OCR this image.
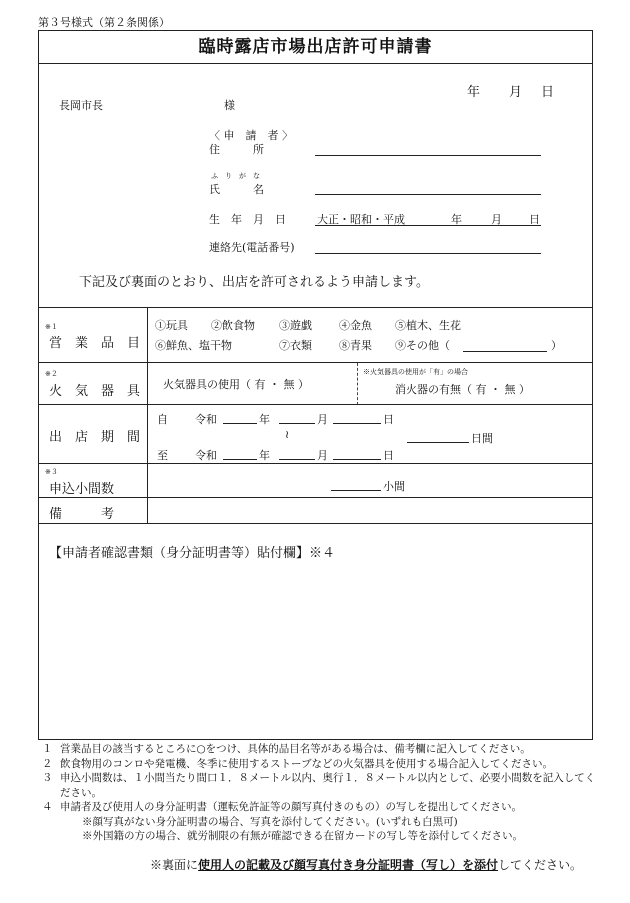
第３号様式（第２条関係）
臨時露店市場出店許可申請書
年 月 日
長岡市長	様
〈 申　請　者 〉
住　　　所
ふ　り　が　な
氏　　　名
生　年　月　日	大正・昭和・平成	年	月 日
連絡先(電話番号)
下記及び裏面のとおり、出店を許可されるよう申請します。
※１
営　業　品　目
①玩具 ②飲食物 ③遊戯 ④金魚 ⑤植木、生花
⑥鮮魚、塩干物	⑦衣類 ⑧青果 ⑨その他（	）
※２
火　気　器　具 火気器具の使用（ 有 ・ 無 ）
※火気器具の使用が「有」の場合
消火器の有無（ 有 ・ 無 ）
出　店　期　間
自 令和	年	月	日
≀	日間
至 令和	年	月	日
※３
申込小間数	小間
備　　　考
【申請者確認書類（身分証明書等）貼付欄】※４
１ 営業品目の該当するところに○をつけ、具体的品目名等がある場合は、備考欄に記入してください。
２ 飲食物用のコンロや発電機、冬季に使用するストーブなどの火気器具を使用する場合記入してください。
３ 申込小間数は、１小間当たり間口１．８メートル以内、奥行１．８メートル以内として、必要小間数を記入してください。
４ 申請者及び使用人の身分証明書（運転免許証等の顔写真付きのもの）の写しを提出してください。
※顔写真がない身分証明書の場合、写真を添付してください。(いずれも白黒可)
※外国籍の方の場合、就労制限の有無が確認できる在留カードの写し等を添付してください。
※裏面に使用人の記載及び顔写真付き身分証明書（写し）を添付してください。
